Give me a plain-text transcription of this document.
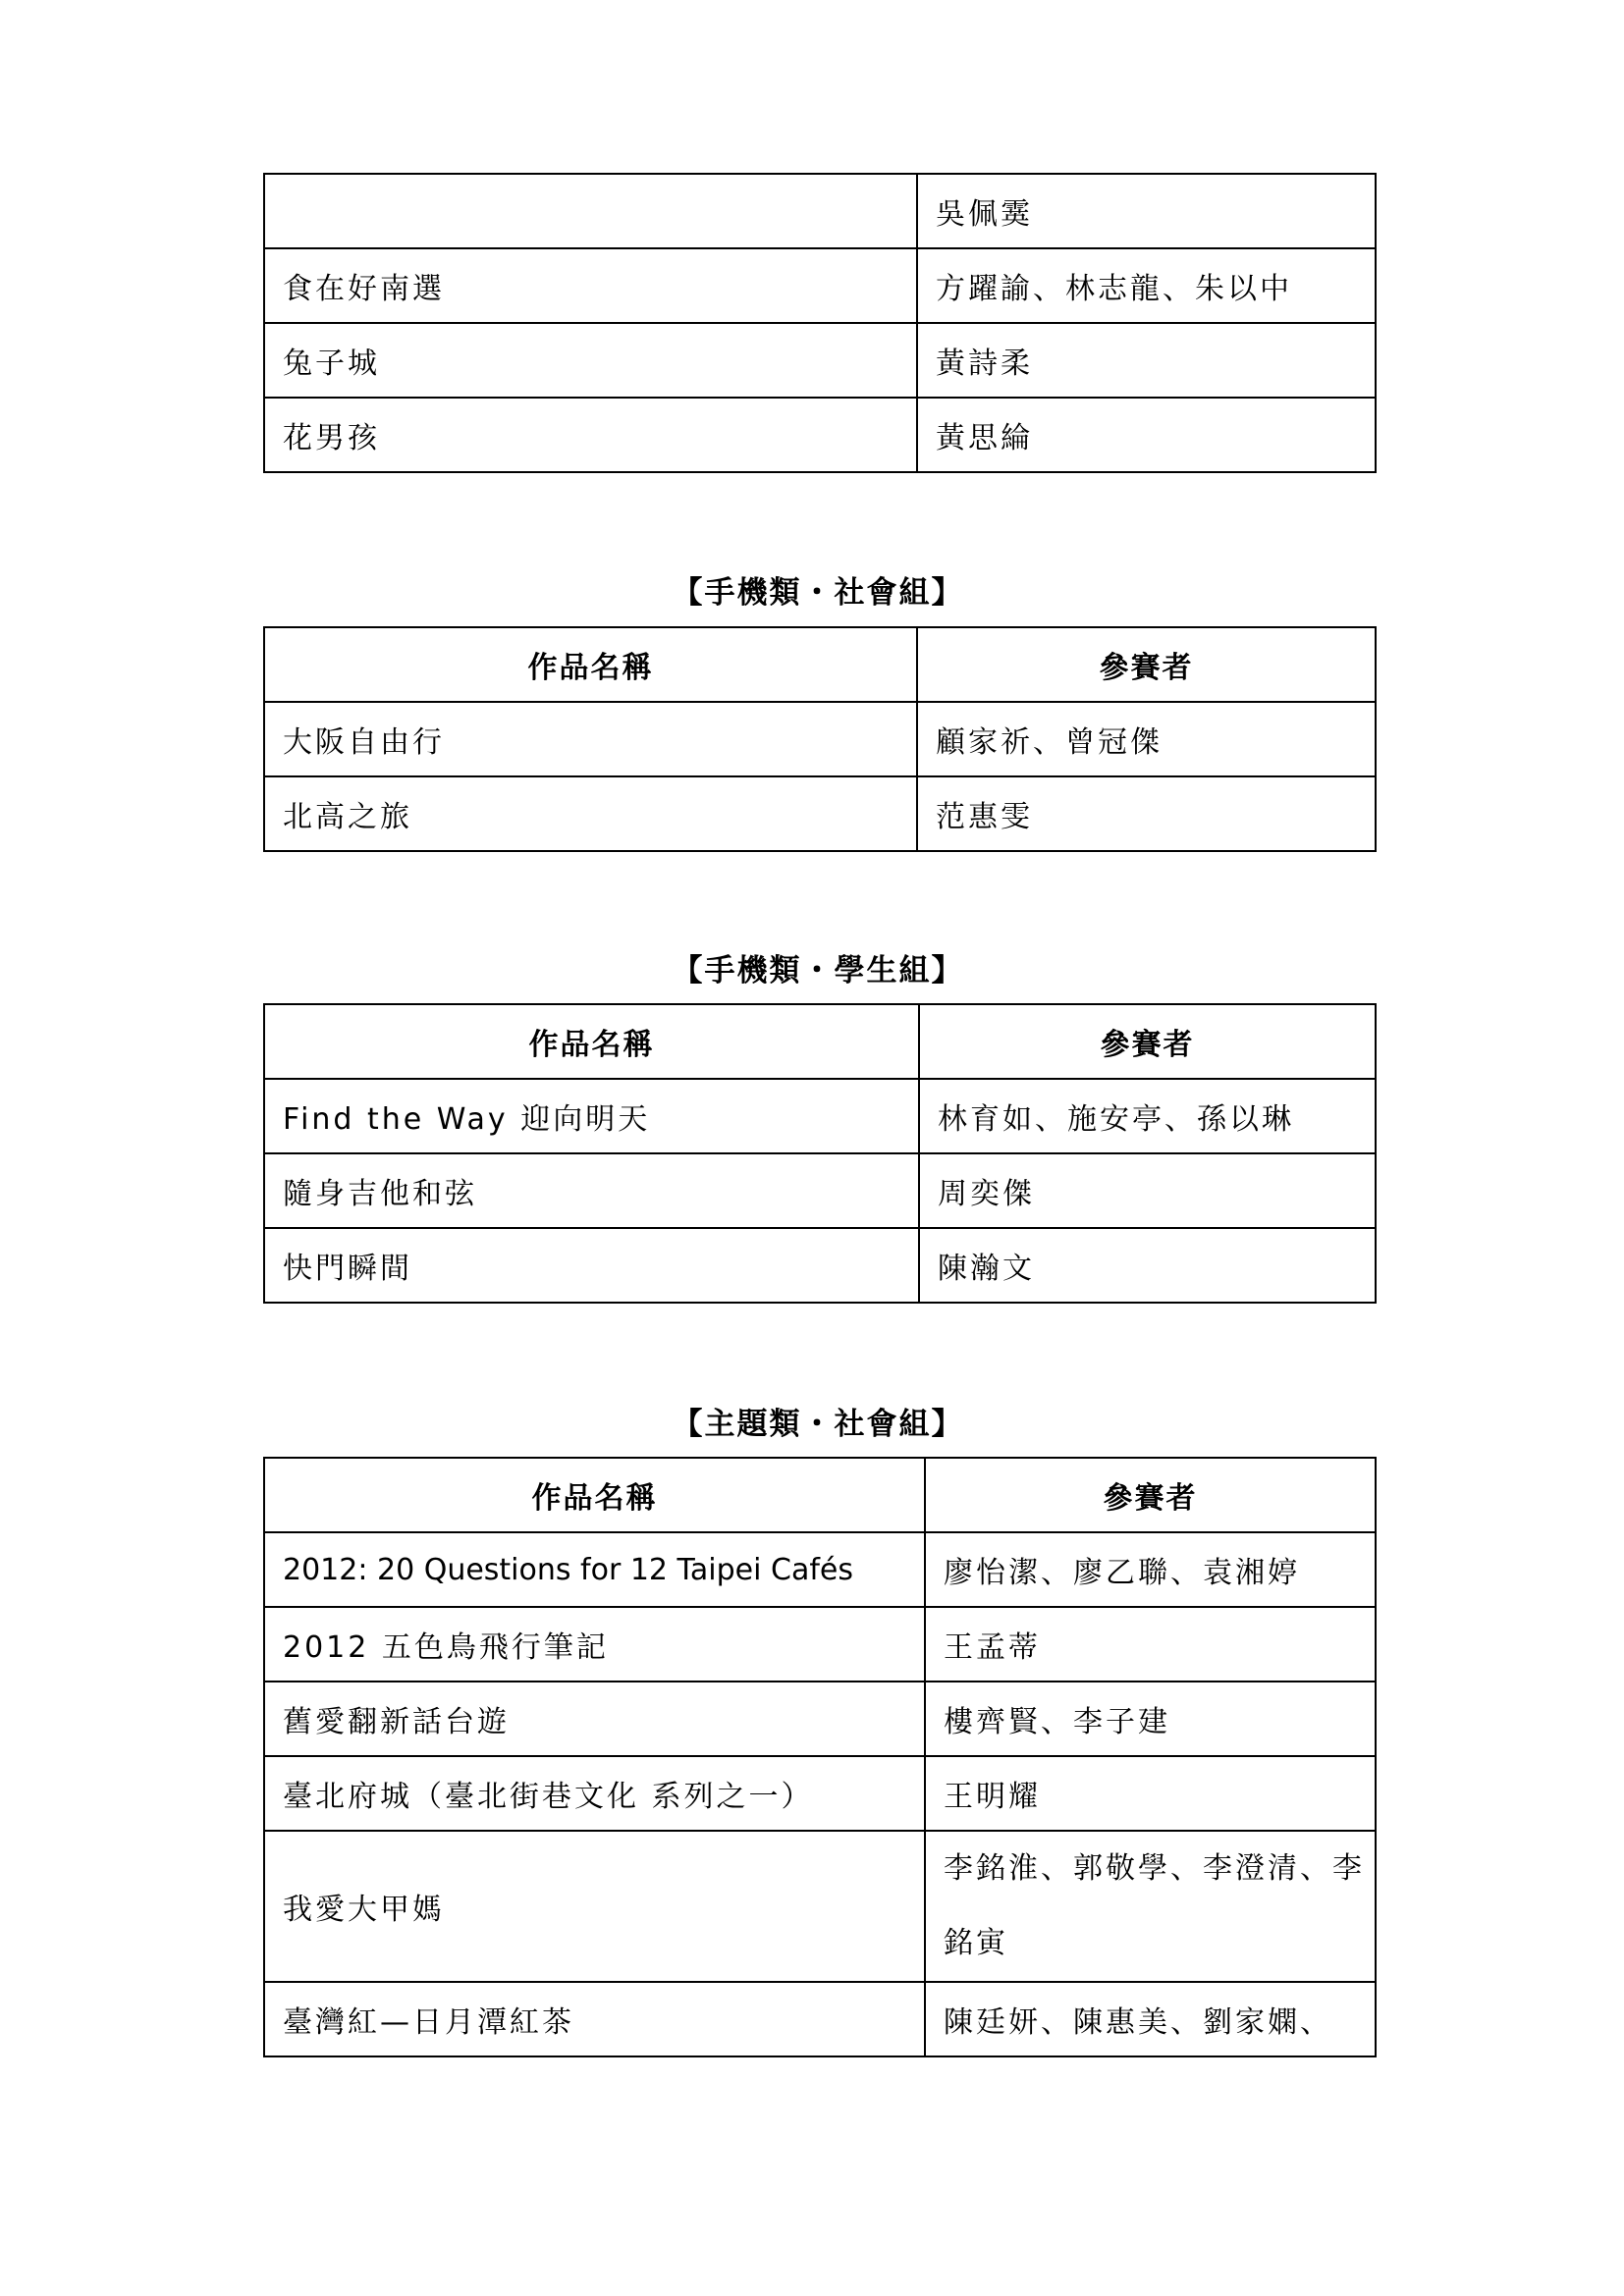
	吳佩霙
食在好南選	方躍諭、林志龍、朱以中
兔子城	黃詩柔
花男孩	黃思綸
【手機類・社會組】
作品名稱	參賽者
大阪自由行	顧家祈、曾冠傑
北高之旅	范惠雯
【手機類・學生組】
作品名稱	參賽者
Find the Way 迎向明天	林育如、施安亭、孫以琳
隨身吉他和弦	周奕傑
快門瞬間	陳瀚文
【主題類・社會組】
作品名稱	參賽者
2012: 20 Questions for 12 Taipei Cafés	廖怡潔、廖乙聯、袁湘婷
2012 五色鳥飛行筆記	王孟蒂
舊愛翻新話台遊	樓齊賢、李子建
臺北府城（臺北街巷文化 系列之一）	王明耀
我愛大甲媽	李銘淮、郭敬學、李澄清、李銘寅
臺灣紅—日月潭紅茶	陳廷妍、陳惠美、劉家嫻、
